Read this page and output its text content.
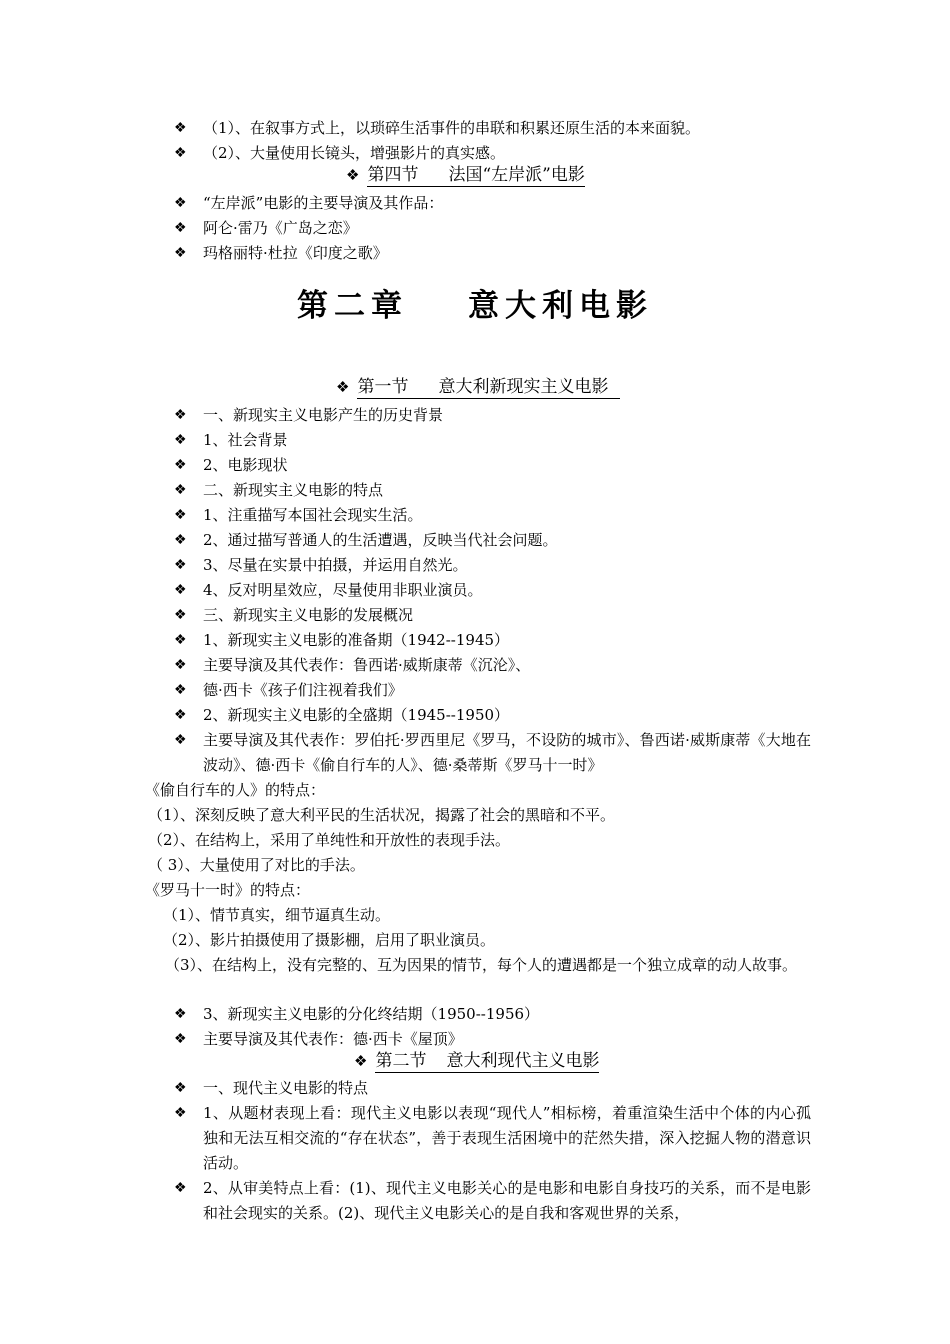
❖ （1）、在叙事方式上，以琐碎生活事件的串联和积累还原生活的本来面貌。
❖ （2）、大量使用长镜头，增强影片的真实感。
❖ 第四节 法国“左岸派”电影
❖ “左岸派”电影的主要导演及其作品：
❖ 阿仑·雷乃《广岛之恋》
❖ 玛格丽特·杜拉《印度之歌》
第二章 意大利电影
❖ 第一节 意大利新现实主义电影
❖ 一、新现实主义电影产生的历史背景
❖ 1、社会背景
❖ 2、电影现状
❖ 二、新现实主义电影的特点
❖ 1、注重描写本国社会现实生活。
❖ 2、通过描写普通人的生活遭遇，反映当代社会问题。
❖ 3、尽量在实景中拍摄，并运用自然光。
❖ 4、反对明星效应，尽量使用非职业演员。
❖ 三、新现实主义电影的发展概况
❖ 1、新现实主义电影的准备期（1942--1945）
❖ 主要导演及其代表作：鲁西诺·威斯康蒂《沉沦》、
❖ 德·西卡《孩子们注视着我们》
❖ 2、新现实主义电影的全盛期（1945--1950）
❖ 主要导演及其代表作：罗伯托·罗西里尼《罗马，不设防的城市》、鲁西诺·威斯康蒂《大地在波动》、德·西卡《偷自行车的人》、德·桑蒂斯《罗马十一时》
《偷自行车的人》的特点：
（1）、深刻反映了意大利平民的生活状况，揭露了社会的黑暗和不平。
（2）、在结构上，采用了单纯性和开放性的表现手法。
（ 3）、大量使用了对比的手法。
《罗马十一时》的特点：
（1）、情节真实，细节逼真生动。
（2）、影片拍摄使用了摄影棚，启用了职业演员。
（3）、在结构上，没有完整的、互为因果的情节，每个人的遭遇都是一个独立成章的动人故事。
❖ 3、新现实主义电影的分化终结期（1950--1956）
❖ 主要导演及其代表作：德·西卡《屋顶》
❖ 第二节 意大利现代主义电影
❖ 一、现代主义电影的特点
❖ 1、从题材表现上看：现代主义电影以表现“现代人”相标榜，着重渲染生活中个体的内心孤独和无法互相交流的“存在状态”，善于表现生活困境中的茫然失措，深入挖掘人物的潜意识活动。
❖ 2、从审美特点上看：(1)、现代主义电影关心的是电影和电影自身技巧的关系，而不是电影和社会现实的关系。(2)、现代主义电影关心的是自我和客观世界的关系，
